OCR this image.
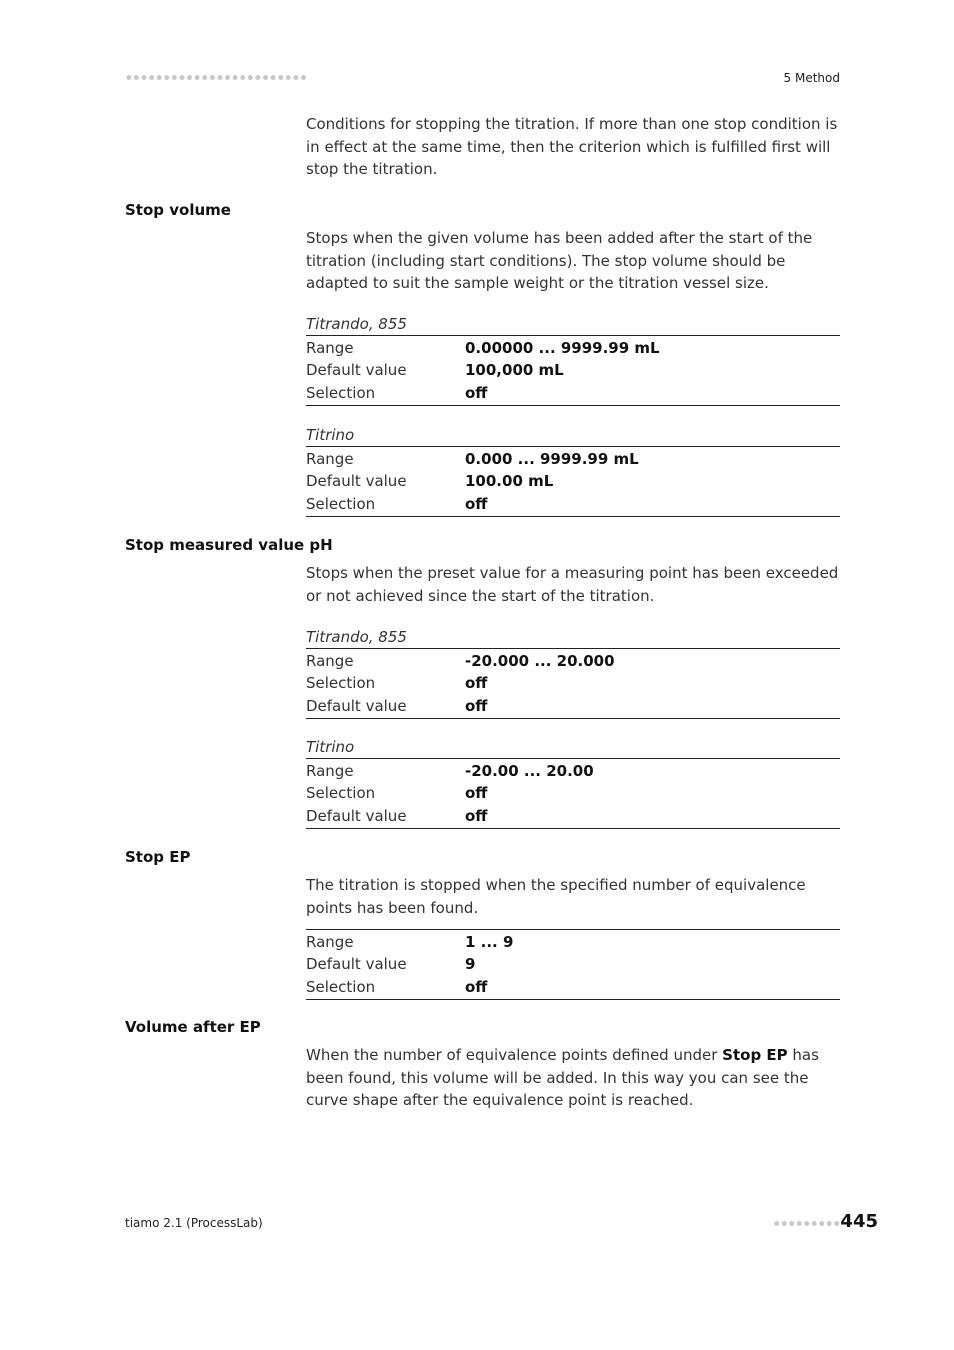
5 Method
Conditions for stopping the titration. If more than one stop condition is in effect at the same time, then the criterion which is fulfilled first will stop the titration.
Stop volume
Stops when the given volume has been added after the start of the titration (including start conditions). The stop volume should be adapted to suit the sample weight or the titration vessel size.
Titrando, 855
Range	0.00000 ... 9999.99 mL
Default value	100,000 mL
Selection	off
Titrino
Range	0.000 ... 9999.99 mL
Default value	100.00 mL
Selection	off
Stop measured value pH
Stops when the preset value for a measuring point has been exceeded or not achieved since the start of the titration.
Titrando, 855
Range	-20.000 ... 20.000
Selection	off
Default value	off
Titrino
Range	-20.00 ... 20.00
Selection	off
Default value	off
Stop EP
The titration is stopped when the specified number of equivalence points has been found.
Range	1 ... 9
Default value	9
Selection	off
Volume after EP
When the number of equivalence points defined under Stop EP has been found, this volume will be added. In this way you can see the curve shape after the equivalence point is reached.
tiamo 2.1 (ProcessLab)	445
